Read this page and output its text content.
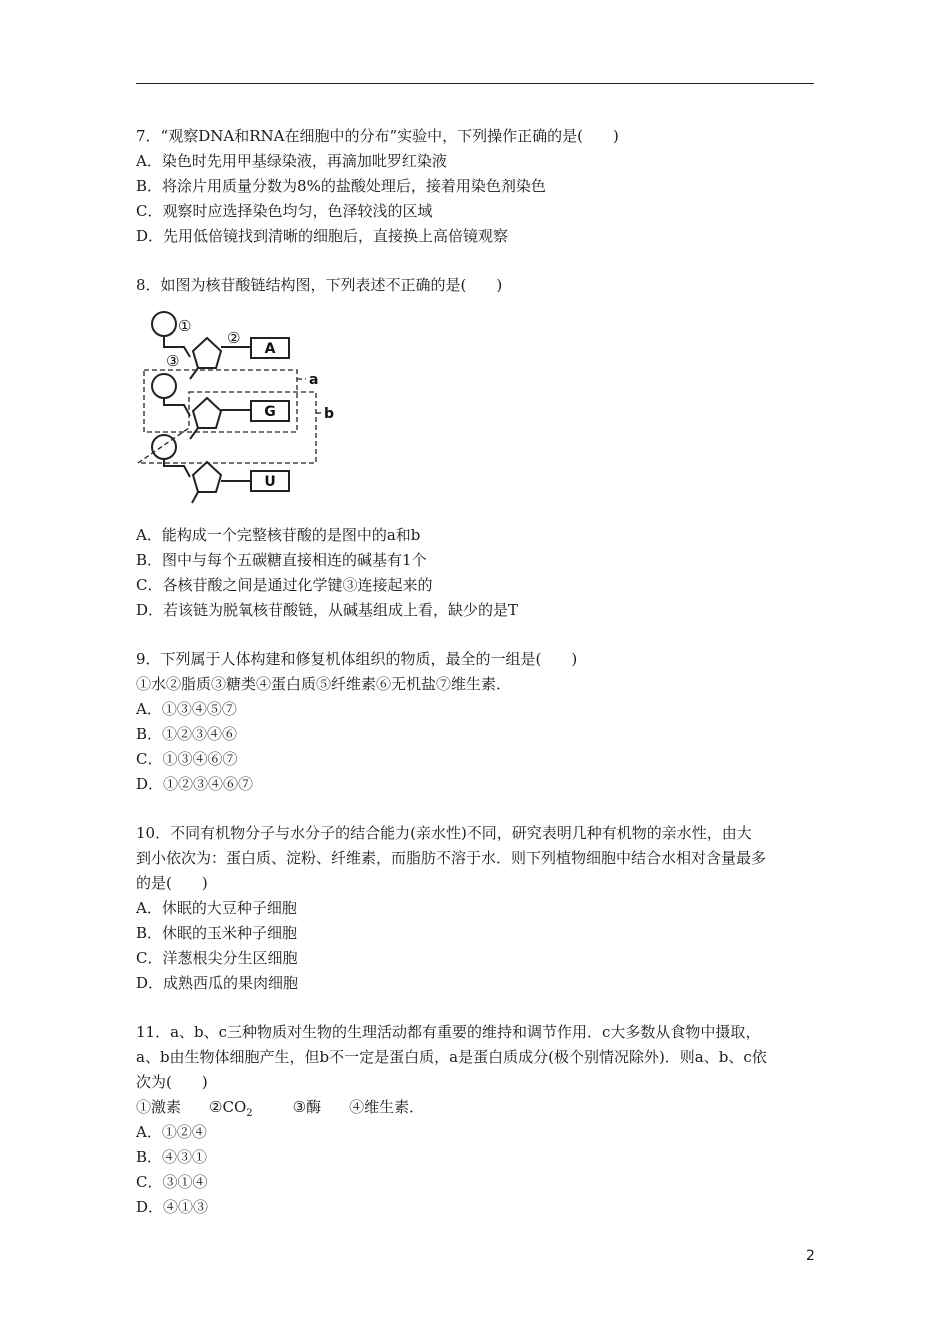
7．“观察DNA和RNA在细胞中的分布”实验中，下列操作正确的是(　　)
A．染色时先用甲基绿染液，再滴加吡罗红染液
B．将涂片用质量分数为8%的盐酸处理后，接着用染色剂染色
C．观察时应选择染色均匀，色泽较浅的区域
D．先用低倍镜找到清晰的细胞后，直接换上高倍镜观察
8．如图为核苷酸链结构图，下列表述不正确的是(　　)
①
②
③
A
G
U
a
b
A．能构成一个完整核苷酸的是图中的a和b
B．图中与每个五碳糖直接相连的碱基有1个
C．各核苷酸之间是通过化学键③连接起来的
D．若该链为脱氧核苷酸链，从碱基组成上看，缺少的是T
9．下列属于人体构建和修复机体组织的物质，最全的一组是(　　)
①水②脂质③糖类④蛋白质⑤纤维素⑥无机盐⑦维生素．
A．①③④⑤⑦
B．①②③④⑥
C．①③④⑥⑦
D．①②③④⑥⑦
10．不同有机物分子与水分子的结合能力(亲水性)不同，研究表明几种有机物的亲水性，由大
到小依次为：蛋白质、淀粉、纤维素，而脂肪不溶于水．则下列植物细胞中结合水相对含量最多
的是(　　)
A．休眠的大豆种子细胞
B．休眠的玉米种子细胞
C．洋葱根尖分生区细胞
D．成熟西瓜的果肉细胞
11．a、b、c三种物质对生物的生理活动都有重要的维持和调节作用．c大多数从食物中摄取，
a、b由生物体细胞产生，但b不一定是蛋白质，a是蛋白质成分(极个别情况除外)．则a、b、c依
次为(　　)
①激素 $②CO_2$	③酶 ④维生素．
A．①②④
B．④③①
C．③①④
D．④①③
2
